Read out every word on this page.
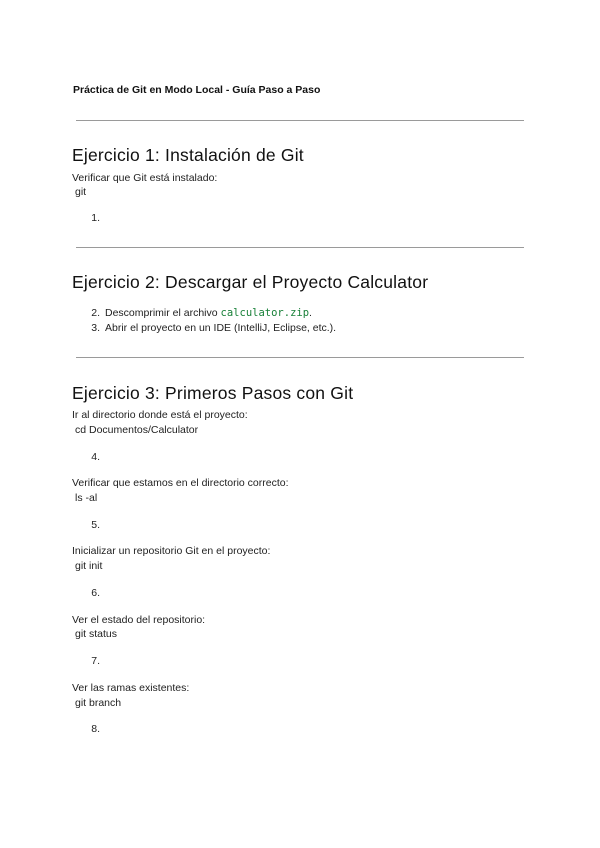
Práctica de Git en Modo Local - Guía Paso a Paso
Ejercicio 1: Instalación de Git
Verificar que Git está instalado:
git
1.
Ejercicio 2: Descargar el Proyecto Calculator
2. Descomprimir el archivo calculator.zip.
3. Abrir el proyecto en un IDE (IntelliJ, Eclipse, etc.).
Ejercicio 3: Primeros Pasos con Git
Ir al directorio donde está el proyecto:
cd Documentos/Calculator
4.
Verificar que estamos en el directorio correcto:
ls -al
5.
Inicializar un repositorio Git en el proyecto:
git init
6.
Ver el estado del repositorio:
git status
7.
Ver las ramas existentes:
git branch
8.
